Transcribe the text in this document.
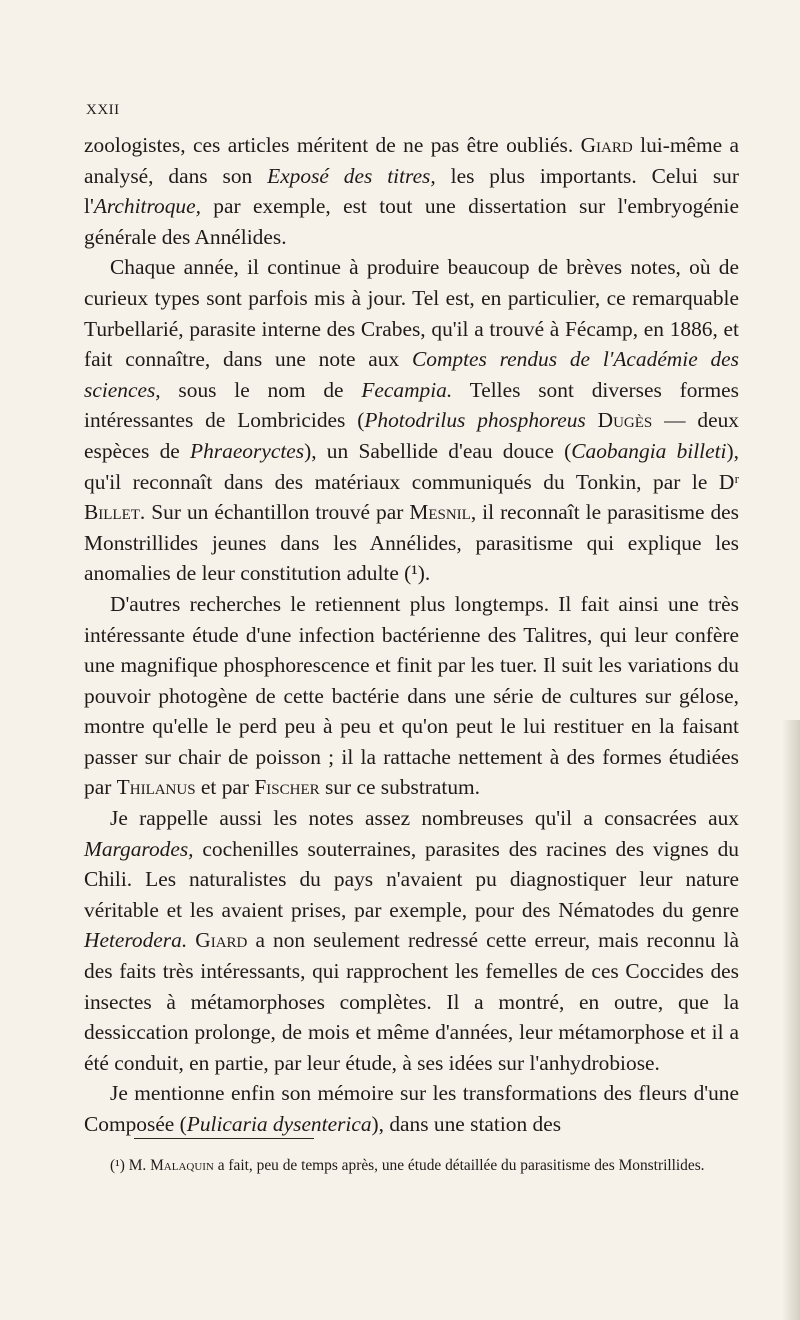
XXII

zoologistes, ces articles méritent de ne pas être oubliés. Giard lui-même a analysé, dans son Exposé des titres, les plus importants. Celui sur l'Architroque, par exemple, est tout une dissertation sur l'embryogénie générale des Annélides.

Chaque année, il continue à produire beaucoup de brèves notes, où de curieux types sont parfois mis à jour. Tel est, en particulier, ce remarquable Turbellarié, parasite interne des Crabes, qu'il a trouvé à Fécamp, en 1886, et fait connaître, dans une note aux Comptes rendus de l'Académie des sciences, sous le nom de Fecampia. Telles sont diverses formes intéressantes de Lombricides (Photodrilus phosphoreus Dugès — deux espèces de Phraeoryctes), un Sabellide d'eau douce (Caobangia billeti), qu'il reconnaît dans des matériaux communiqués du Tonkin, par le Dʳ Billet. Sur un échantillon trouvé par Mesnil, il reconnaît le parasitisme des Monstrillides jeunes dans les Annélides, parasitisme qui explique les anomalies de leur constitution adulte (¹).

D'autres recherches le retiennent plus longtemps. Il fait ainsi une très intéressante étude d'une infection bactérienne des Talitres, qui leur confère une magnifique phosphorescence et finit par les tuer. Il suit les variations du pouvoir photogène de cette bactérie dans une série de cultures sur gélose, montre qu'elle le perd peu à peu et qu'on peut le lui restituer en la faisant passer sur chair de poisson ; il la rattache nettement à des formes étudiées par Thilanus et par Fischer sur ce substratum.

Je rappelle aussi les notes assez nombreuses qu'il a consacrées aux Margarodes, cochenilles souterraines, parasites des racines des vignes du Chili. Les naturalistes du pays n'avaient pu diagnostiquer leur nature véritable et les avaient prises, par exemple, pour des Nématodes du genre Heterodera. Giard a non seulement redressé cette erreur, mais reconnu là des faits très intéressants, qui rapprochent les femelles de ces Coccides des insectes à métamorphoses complètes. Il a montré, en outre, que la dessiccation prolonge, de mois et même d'années, leur métamorphose et il a été conduit, en partie, par leur étude, à ses idées sur l'anhydrobiose.

Je mentionne enfin son mémoire sur les transformations des fleurs d'une Composée (Pulicaria dysenterica), dans une station des

(¹) M. Malaquin a fait, peu de temps après, une étude détaillée du parasitisme des Monstrillides.
